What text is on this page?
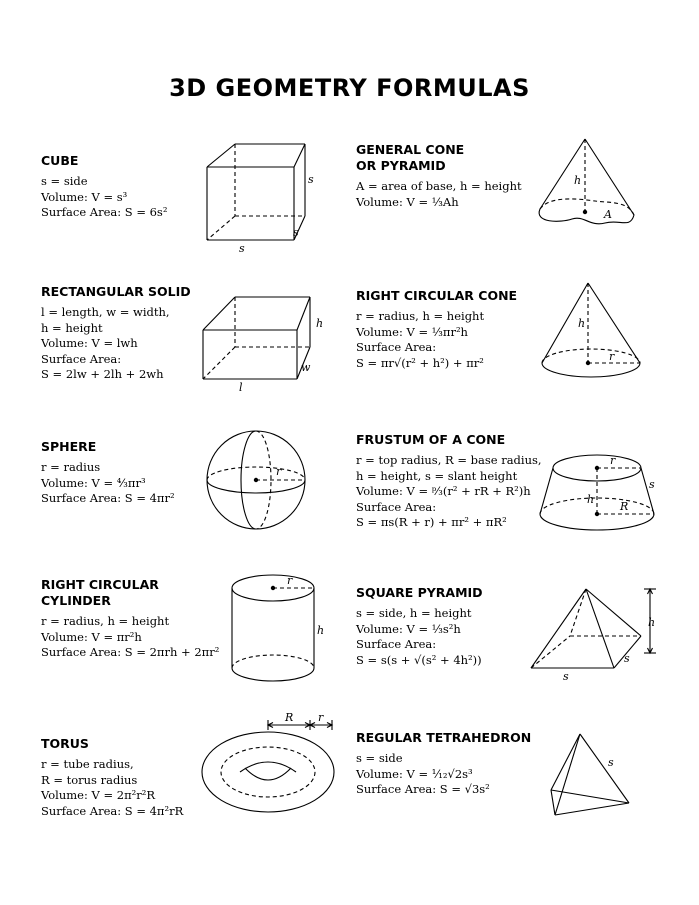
3D GEOMETRY FORMULAS
CUBE
s = side
Volume: V = s³
Surface Area: S = 6s²
s
s
s
RECTANGULAR SOLID
l = length, w = width,
h = height
Volume: V = lwh
Surface Area:
S = 2lw + 2lh + 2wh
h
w
l
SPHERE
r = radius
Volume: V = ⁴⁄₃πr³
Surface Area: S = 4πr²
r
RIGHT CIRCULAR
CYLINDER
r = radius, h = height
Volume: V = πr²h
Surface Area: S = 2πrh + 2πr²
r
h
TORUS
r = tube radius,
R = torus radius
Volume: V = 2π²r²R
Surface Area: S = 4π²rR
R r
GENERAL CONE
OR PYRAMID
A = area of base, h = height
Volume: V = ⅓Ah
h
A
RIGHT CIRCULAR CONE
r = radius, h = height
Volume: V = ⅓πr²h
Surface Area:
S = πr√(r² + h²) + πr²
h
r
FRUSTUM OF A CONE
r = top radius, R = base radius,
h = height, s = slant height
Volume: V = ᵖ⁄₃(r² + rR + R²)h
Surface Area:
S = πs(R + r) + πr² + πR²
r
h
R
s
SQUARE PYRAMID
s = side, h = height
Volume: V = ⅓s²h
Surface Area:
S = s(s + √(s² + 4h²))
h
s
s
REGULAR TETRAHEDRON
s = side
Volume: V = ¹⁄₁₂√2s³
Surface Area: S = √3s²
s
